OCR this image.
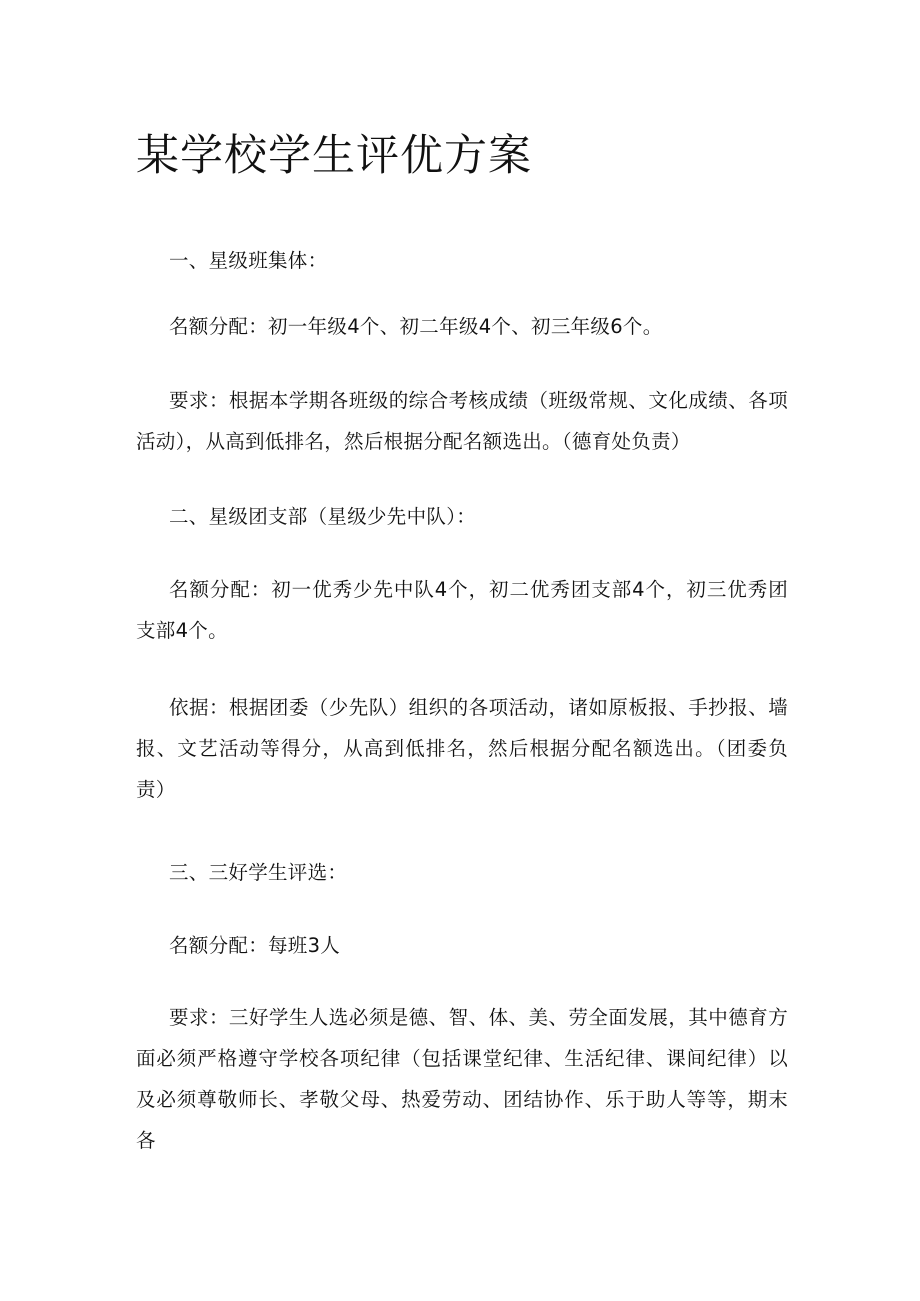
某学校学生评优方案

一、星级班集体：

名额分配：初一年级4个、初二年级4个、初三年级6个。

要求：根据本学期各班级的综合考核成绩（班级常规、文化成绩、各项活动），从高到低排名，然后根据分配名额选出。（德育处负责）

二、星级团支部（星级少先中队）：

名额分配：初一优秀少先中队4个，初二优秀团支部4个，初三优秀团支部4个。

依据：根据团委（少先队）组织的各项活动，诸如原板报、手抄报、墙报、文艺活动等得分，从高到低排名，然后根据分配名额选出。（团委负责）

三、三好学生评选：

名额分配：每班3人

要求：三好学生人选必须是德、智、体、美、劳全面发展，其中德育方面必须严格遵守学校各项纪律（包括课堂纪律、生活纪律、课间纪律）以及必须尊敬师长、孝敬父母、热爱劳动、团结协作、乐于助人等等，期末各
